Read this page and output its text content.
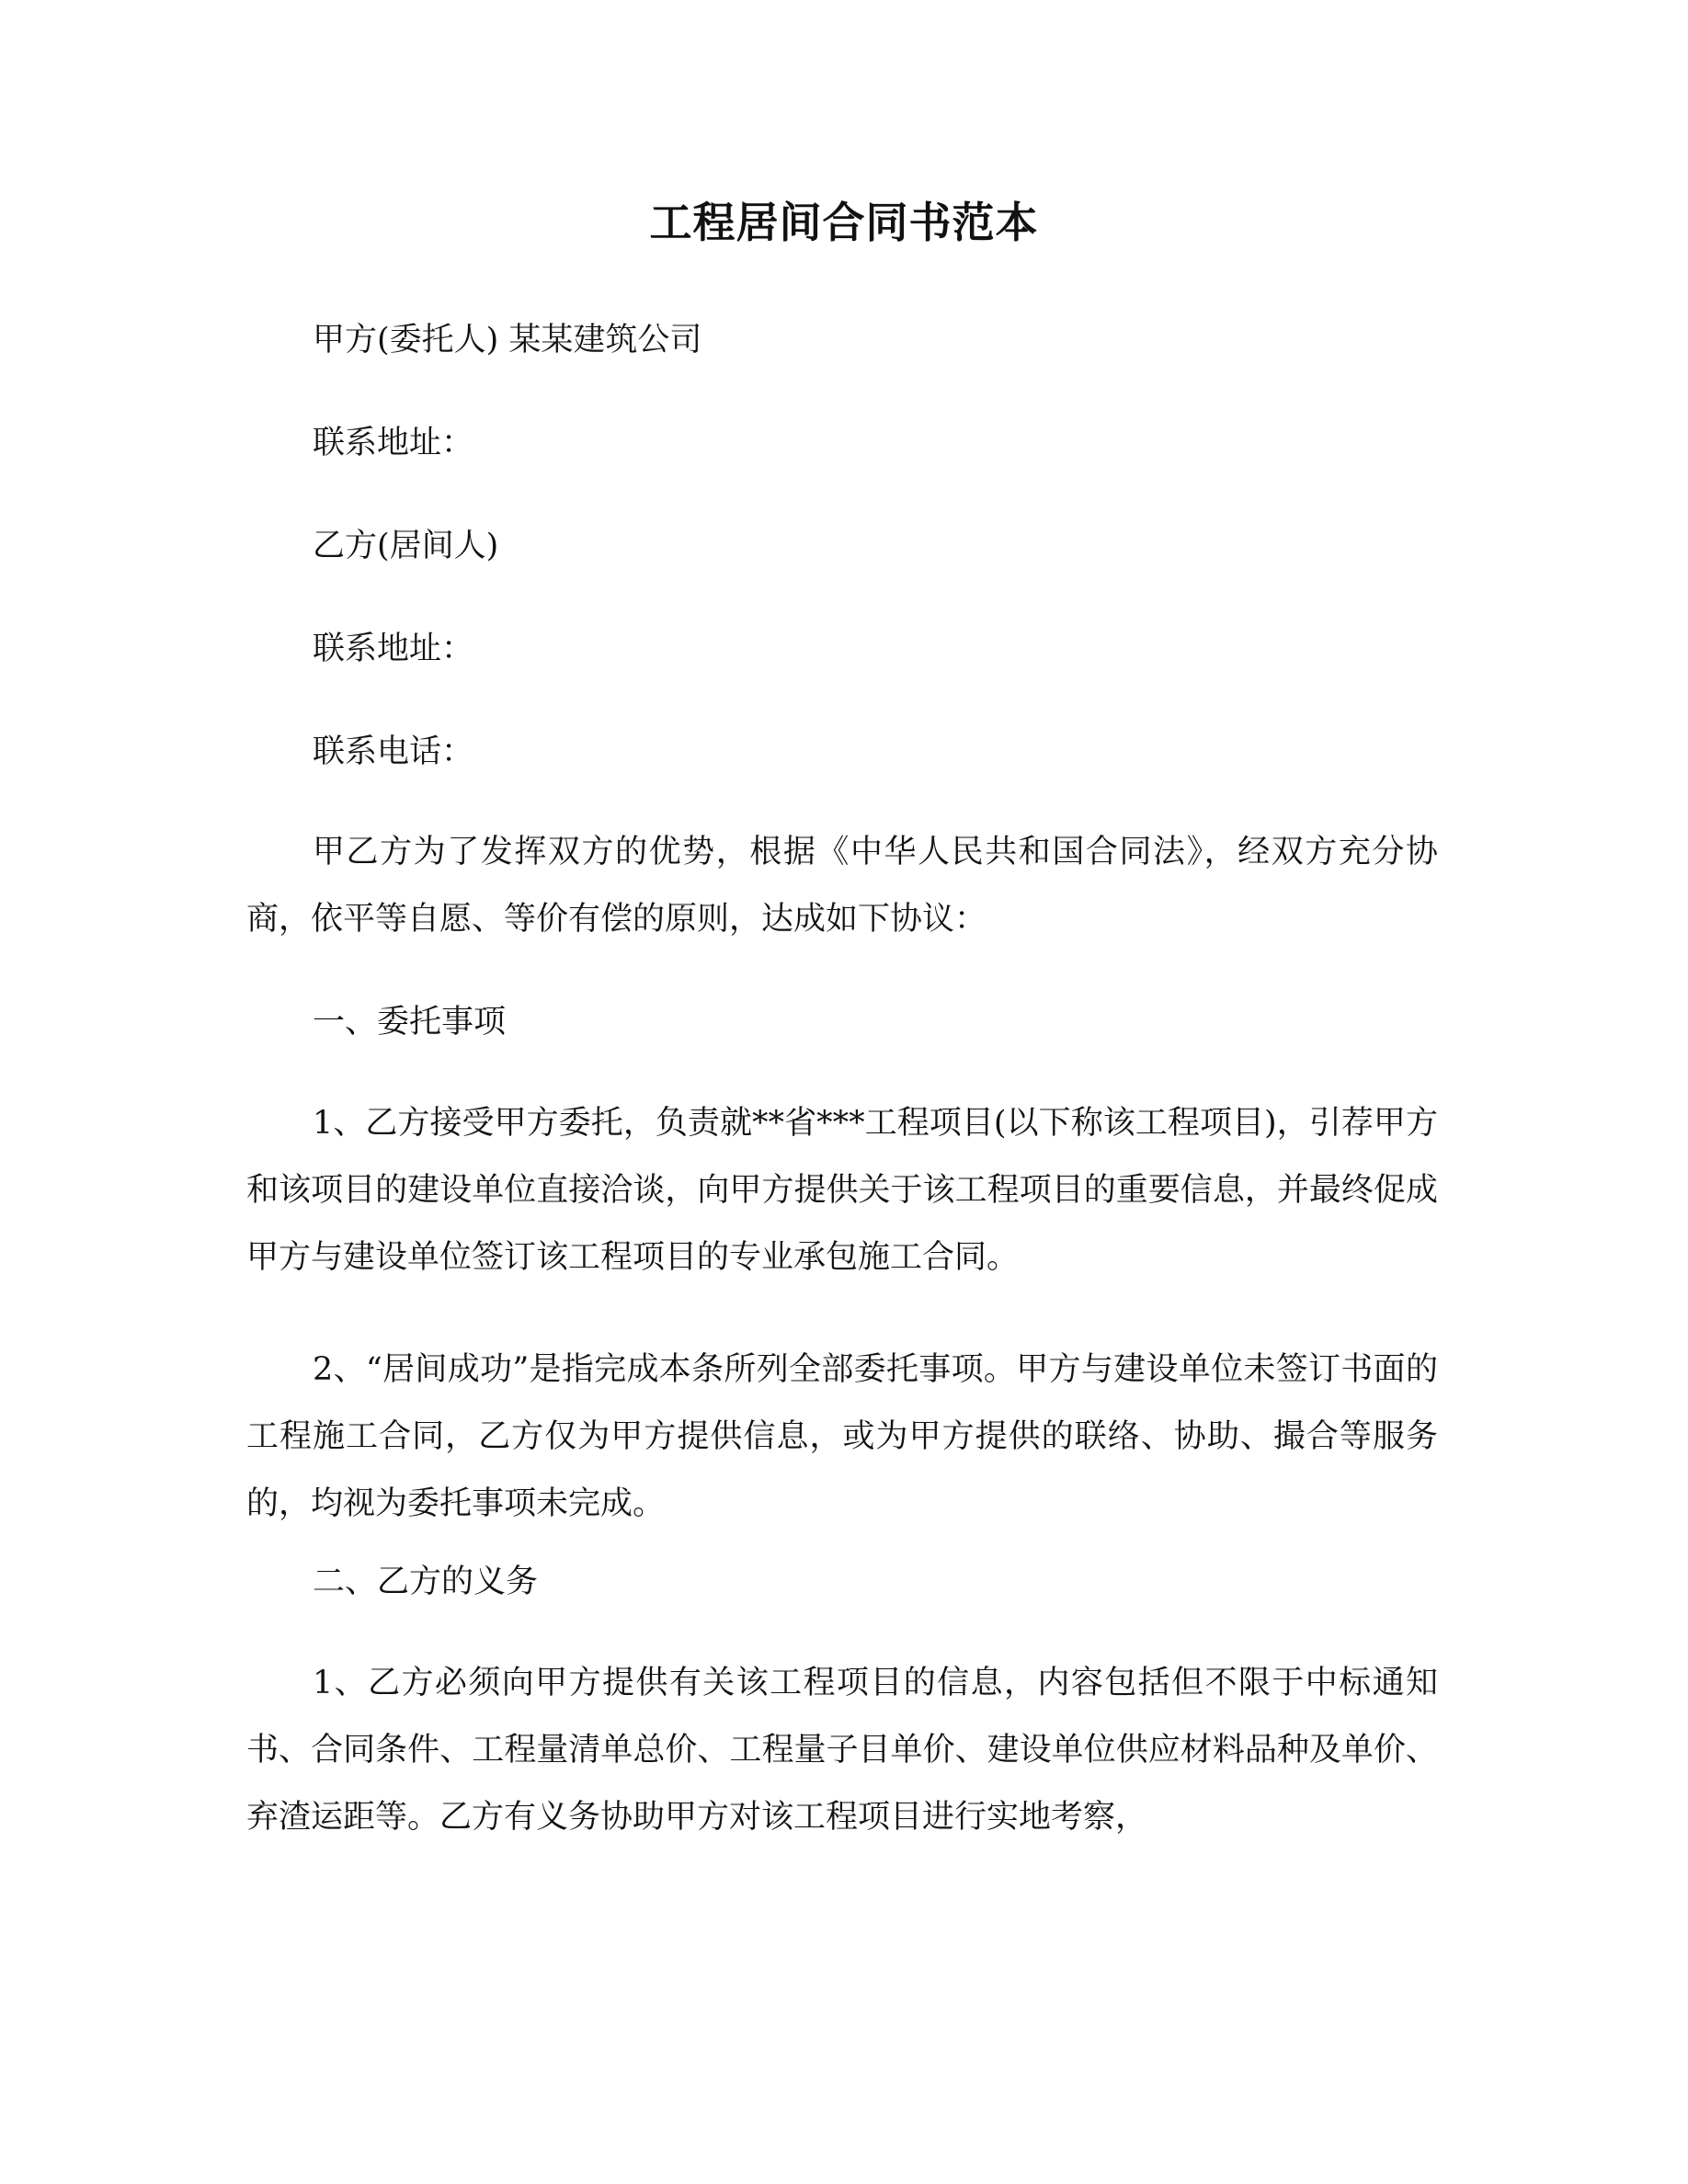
工程居间合同书范本
甲方(委托人) 某某建筑公司
联系地址：
乙方(居间人)
联系地址：
联系电话：

甲乙方为了发挥双方的优势，根据《中华人民共和国合同法》，经双方充分协商，依平等自愿、等价有偿的原则，达成如下协议：

一、委托事项

1、乙方接受甲方委托，负责就**省***工程项目(以下称该工程项目)，引荐甲方和该项目的建设单位直接洽谈，向甲方提供关于该工程项目的重要信息，并最终促成甲方与建设单位签订该工程项目的专业承包施工合同。

2、“居间成功”是指完成本条所列全部委托事项。甲方与建设单位未签订书面的工程施工合同，乙方仅为甲方提供信息，或为甲方提供的联络、协助、撮合等服务的，均视为委托事项未完成。

二、乙方的义务

1、乙方必须向甲方提供有关该工程项目的信息，内容包括但不限于中标通知书、合同条件、工程量清单总价、工程量子目单价、建设单位供应材料品种及单价、弃渣运距等。乙方有义务协助甲方对该工程项目进行实地考察，
